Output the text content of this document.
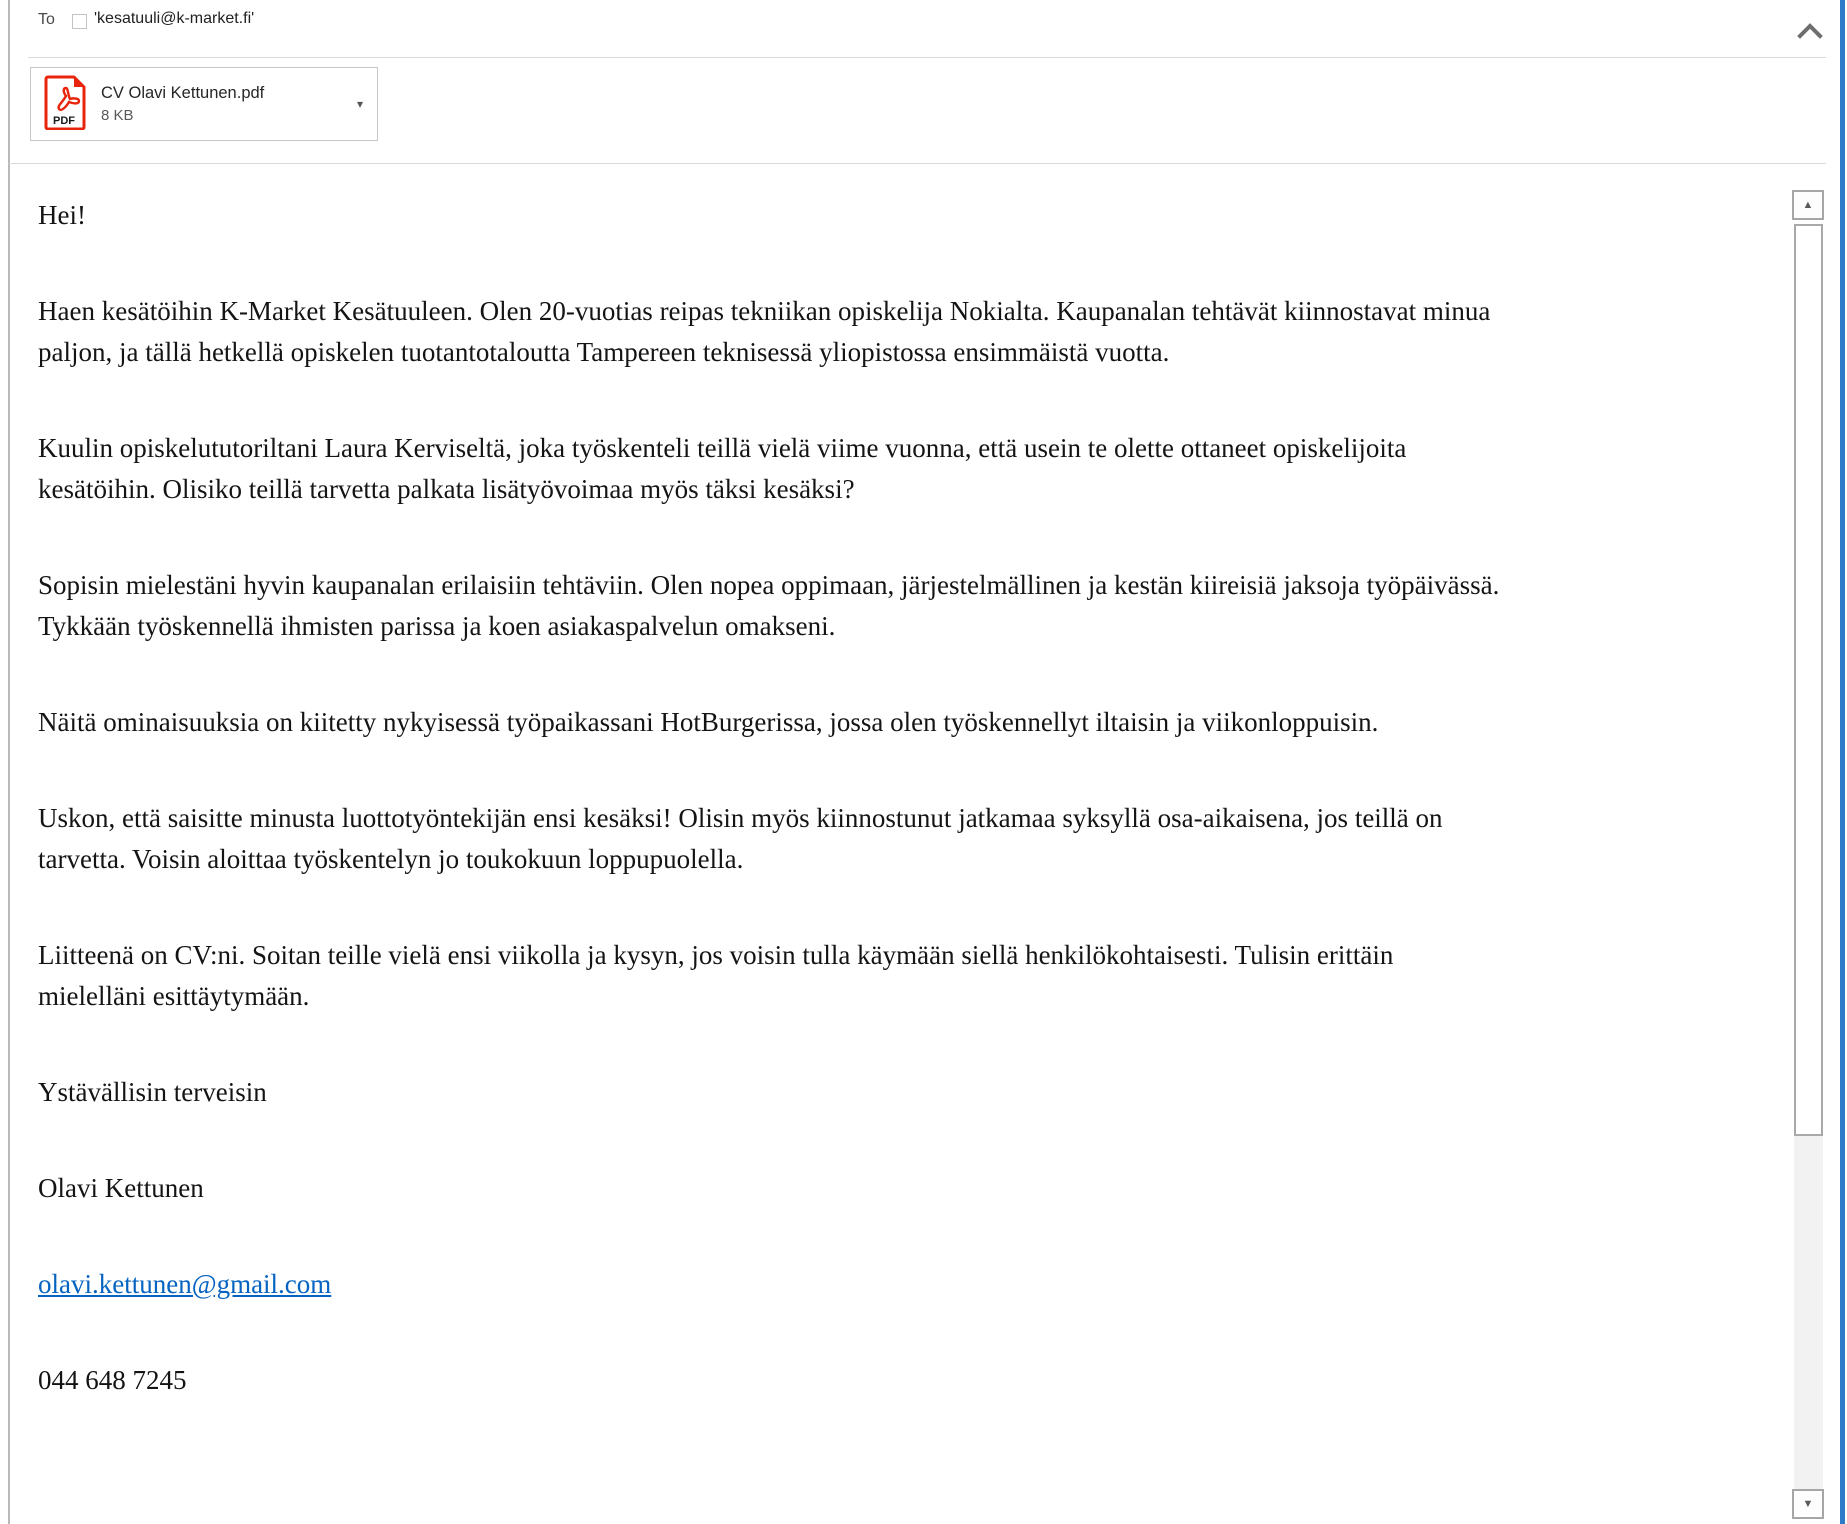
To 'kesatuuli@k-market.fi'
PDF
CV Olavi Kettunen.pdf
8 KB
▾

Hei!

Haen kesätöihin K-Market Kesätuuleen. Olen 20-vuotias reipas tekniikan opiskelija Nokialta. Kaupanalan tehtävät kiinnostavat minua paljon, ja tällä hetkellä opiskelen tuotantotaloutta Tampereen teknisessä yliopistossa ensimmäistä vuotta.

Kuulin opiskelututoriltani Laura Kerviseltä, joka työskenteli teillä vielä viime vuonna, että usein te olette ottaneet opiskelijoita kesätöihin. Olisiko teillä tarvetta palkata lisätyövoimaa myös täksi kesäksi?

Sopisin mielestäni hyvin kaupanalan erilaisiin tehtäviin. Olen nopea oppimaan, järjestelmällinen ja kestän kiireisiä jaksoja työpäivässä. Tykkään työskennellä ihmisten parissa ja koen asiakaspalvelun omakseni.

Näitä ominaisuuksia on kiitetty nykyisessä työpaikassani HotBurgerissa, jossa olen työskennellyt iltaisin ja viikonloppuisin.

Uskon, että saisitte minusta luottotyöntekijän ensi kesäksi! Olisin myös kiinnostunut jatkamaa syksyllä osa-aikaisena, jos teillä on tarvetta. Voisin aloittaa työskentelyn jo toukokuun loppupuolella.

Liitteenä on CV:ni. Soitan teille vielä ensi viikolla ja kysyn, jos voisin tulla käymään siellä henkilökohtaisesti. Tulisin erittäin mielelläni esittäytymään.

Ystävällisin terveisin

Olavi Kettunen

olavi.kettunen@gmail.com

044 648 7245

▲
▼
